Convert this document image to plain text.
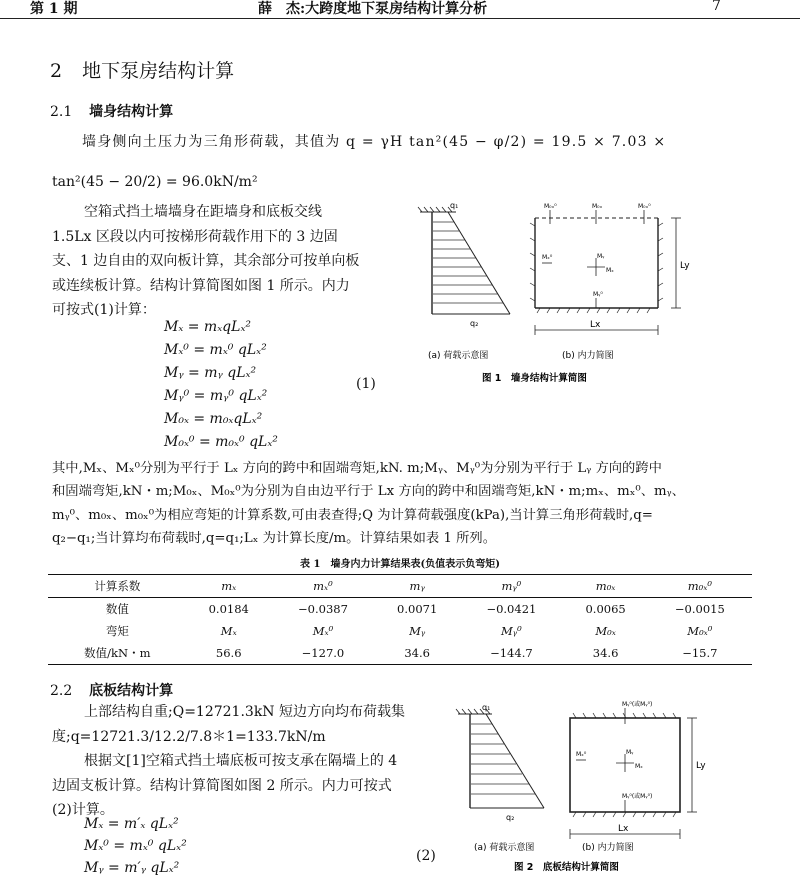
第 1 期	薛　杰:大跨度地下泵房结构计算分析	7
2 地下泵房结构计算
2.1 墙身结构计算
墙身侧向土压力为三角形荷载，其值为 q = γH tan²(45 − φ/2) = 19.5 × 7.03 ×
tan²(45 − 20/2) = 96.0kN/m²
空箱式挡土墙墙身在距墙身和底板交线
1.5Lx 区段以内可按梯形荷载作用下的 3 边固
支、1 边自由的双向板计算，其余部分可按单向板
或连续板计算。结构计算简图如图 1 所示。内力
可按式(1)计算：
Mₓ = mₓqLₓ²
Mₓ⁰ = mₓ⁰ qLₓ²
Mᵧ = mᵧ qLₓ²
Mᵧ⁰ = mᵧ⁰ qLₓ²
M₀ₓ = m₀ₓqLₓ²
M₀ₓ⁰ = m₀ₓ⁰ qLₓ²
(1)
q₁
q₂
M₀ₓ⁰	M₀ₓ	M₀ₓ⁰
Mₓ⁰	Mᵧ
Mₓ
Mᵧ⁰
Lx
Ly
(a) 荷载示意图	(b) 内力简图
图 1　墙身结构计算简图
其中,Mₓ、Mₓ⁰分别为平行于 Lₓ 方向的跨中和固端弯矩,kN. m;Mᵧ、Mᵧ⁰为分别为平行于 Lᵧ 方向的跨中
和固端弯矩,kN・m;M₀ₓ、M₀ₓ⁰为分别为自由边平行于 Lx 方向的跨中和固端弯矩,kN・m;mₓ、mₓ⁰、mᵧ、
mᵧ⁰、m₀ₓ、m₀ₓ⁰为相应弯矩的计算系数,可由表查得;Q 为计算荷载强度(kPa),当计算三角形荷载时,q=
q₂−q₁;当计算均布荷载时,q=q₁;Lₓ 为计算长度/m。计算结果如表 1 所列。
表 1　墙身内力计算结果表(负值表示负弯矩)
计算系数	mₓ	mₓ⁰	mᵧ	mᵧ⁰	m₀ₓ	m₀ₓ⁰
数值	0.0184	−0.0387	0.0071	−0.0421	0.0065	−0.0015
弯矩	Mₓ	Mₓ⁰	Mᵧ	Mᵧ⁰	M₀ₓ	M₀ₓ⁰
数值/kN・m	56.6	−127.0	34.6	−144.7	34.6	−15.7
2.2 底板结构计算
上部结构自重;Q=12721.3kN 短边方向均布荷载集
度;q=12721.3/12.2/7.8＊1=133.7kN/m
根据文[1]空箱式挡土墙底板可按支承在隔墙上的 4
边固支板计算。结构计算简图如图 2 所示。内力可按式
(2)计算。
Mₓ = m′ₓ qLₓ²
Mₓ⁰ = mₓ⁰ qLₓ²
Mᵧ = m′ᵧ qLₓ²
(2)
q₁
q₂
Mᵧ⁰(或Mᵧ⁰)
Mₓ⁰	Mᵧ
Mₓ
Mᵧ⁰(或Mᵧ⁰)
Lx
Ly
(a) 荷载示意图	(b) 内力简图
图 2　底板结构计算简图
